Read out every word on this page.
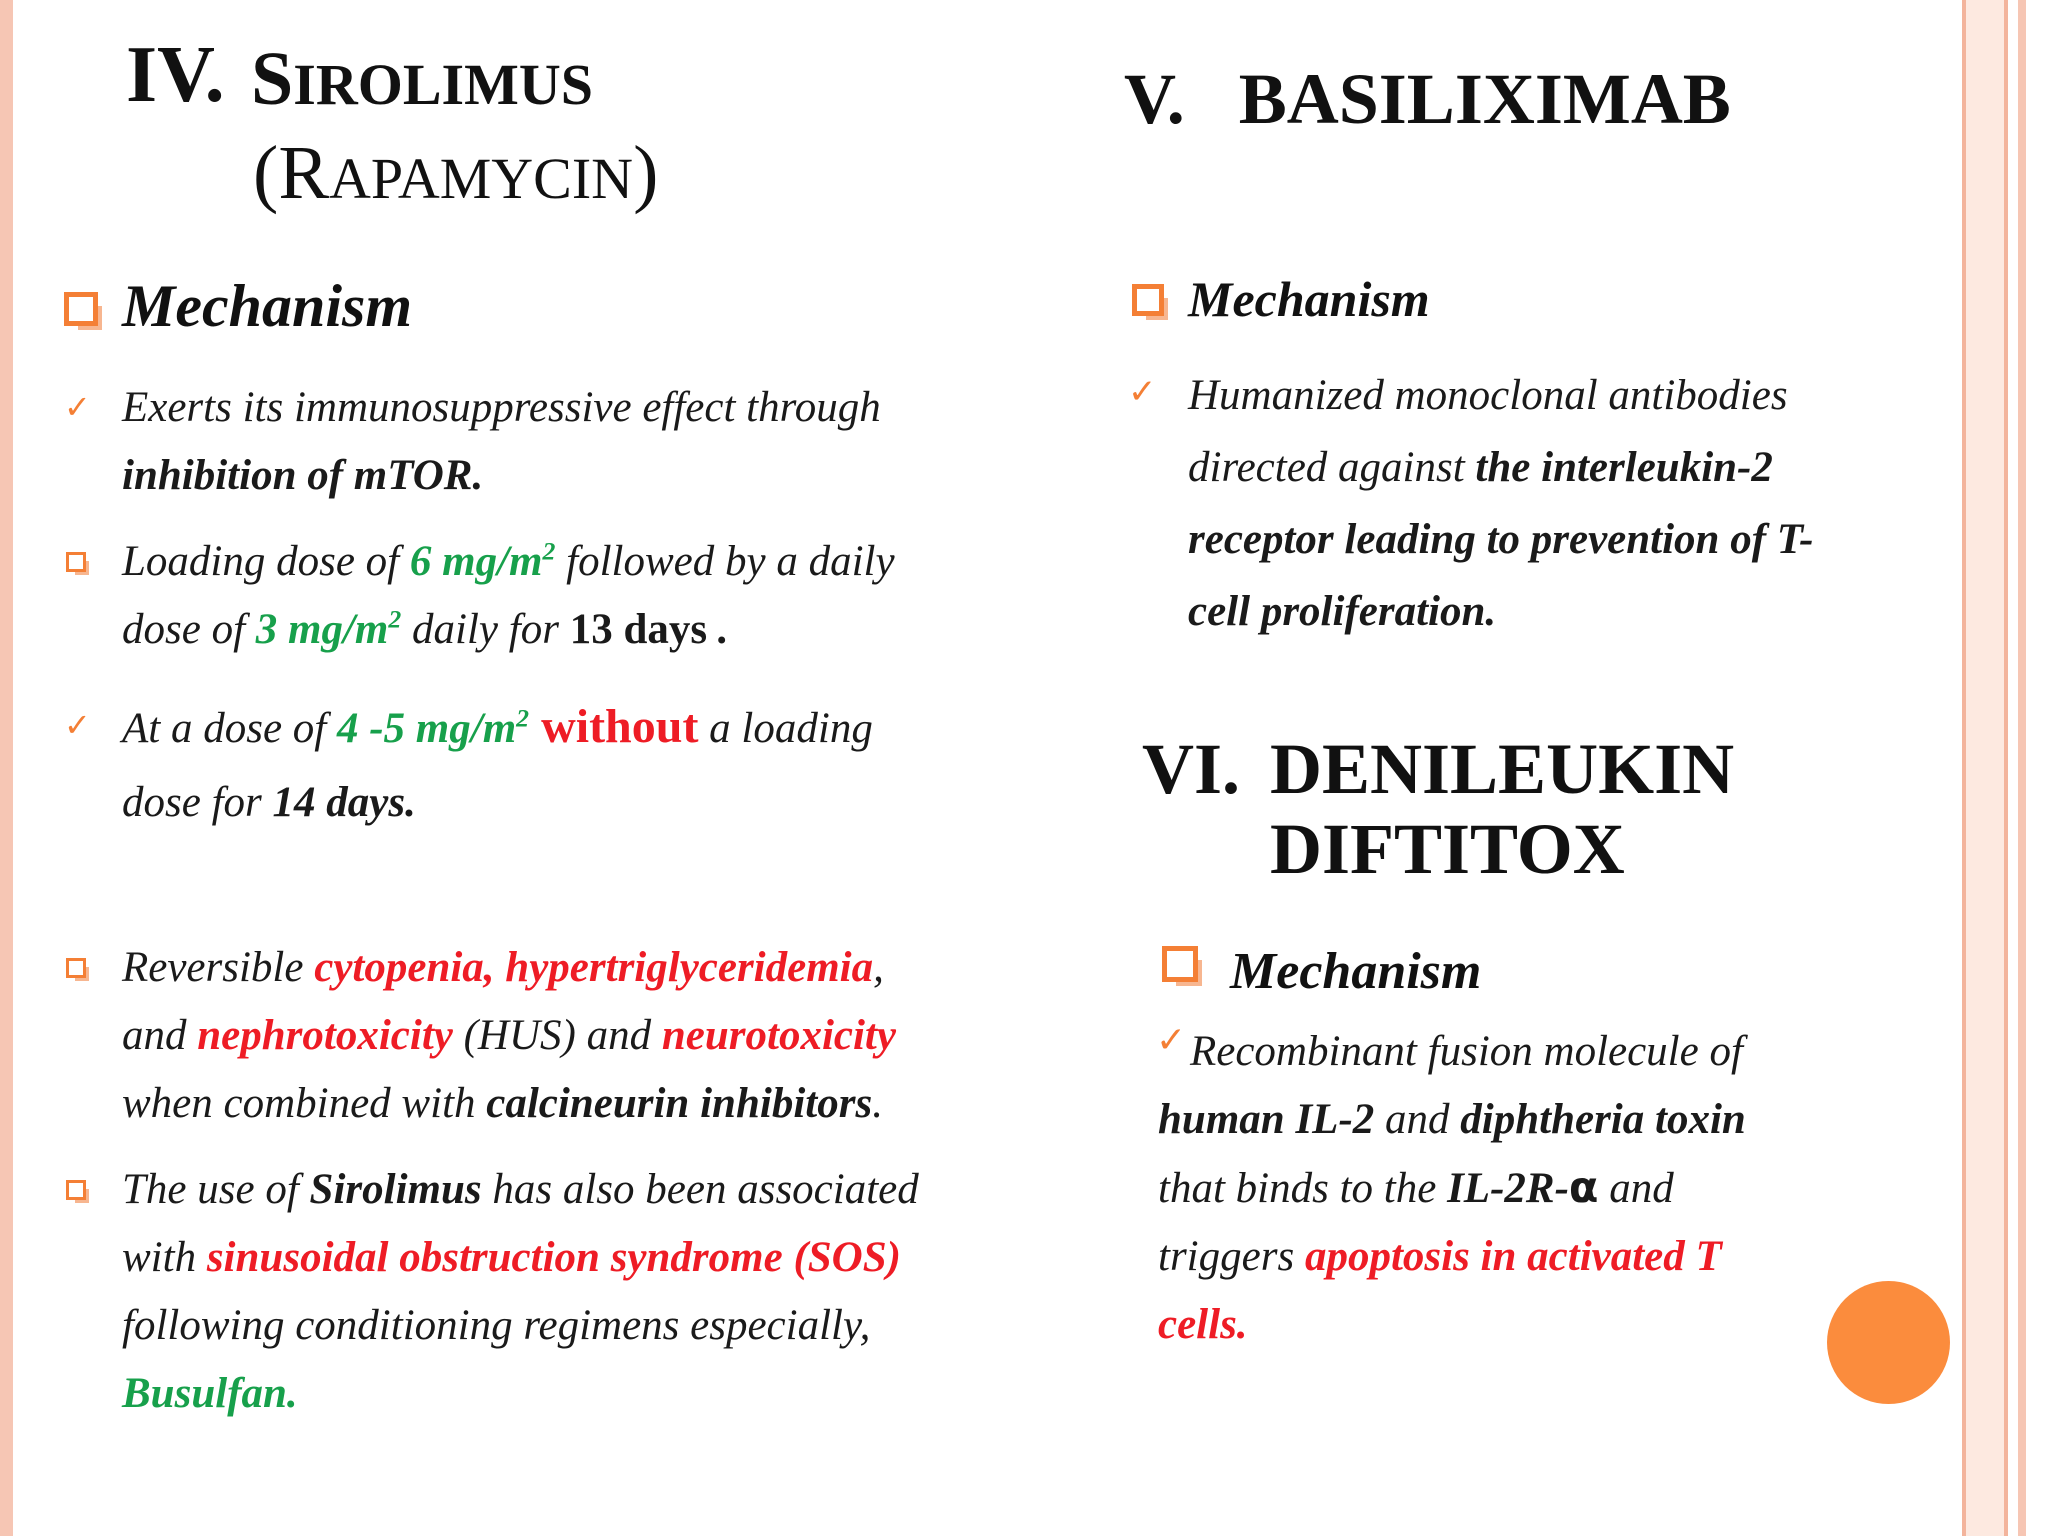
IV. SIROLIMUS
(RAPAMYCIN)
Mechanism
✓ Exerts its immunosuppressive effect through
inhibition of mTOR.
Loading dose of 6 $mg/m^2$ followed by a daily
dose of 3 $mg/m^2$ daily for 13 days .
✓ At a dose of 4 -5 $mg/m^2$ without a loading
dose for 14 days.
Reversible cytopenia, hypertriglyceridemia,
and nephrotoxicity (HUS) and neurotoxicity
when combined with calcineurin inhibitors.
The use of Sirolimus has also been associated
with sinusoidal obstruction syndrome (SOS)
following conditioning regimens especially,
Busulfan.
V.   BASILIXIMAB
Mechanism
✓ Humanized monoclonal antibodies
directed against the interleukin-2
receptor leading to prevention of T-
cell proliferation.
VI. DENILEUKIN
DIFTITOX
Mechanism
✓ Recombinant fusion molecule of
human IL-2 and diphtheria toxin
that binds to the IL-2R-α and
triggers apoptosis in activated T
cells.
